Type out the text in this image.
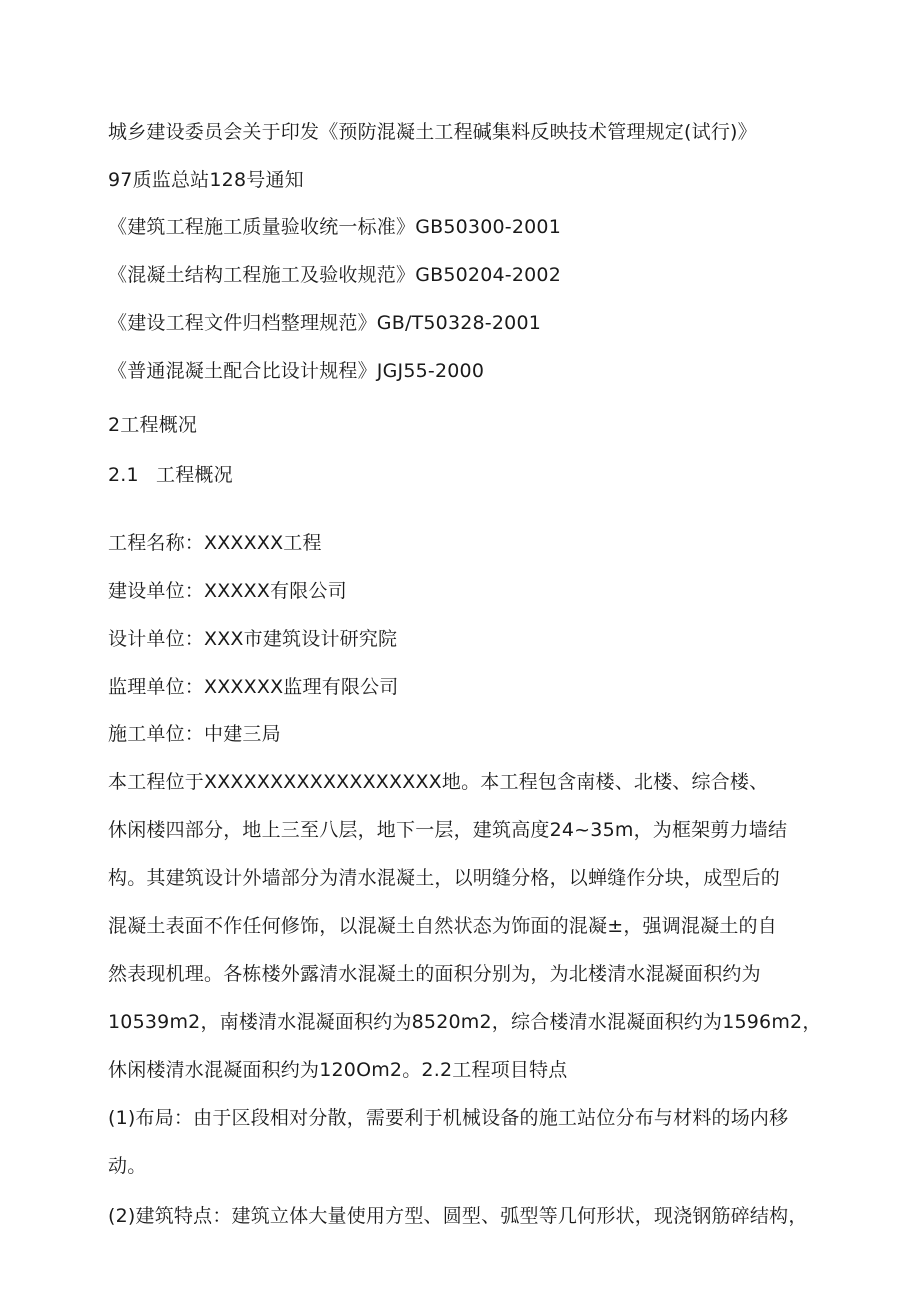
城乡建设委员会关于印发《预防混凝土工程碱集料反映技术管理规定(试行)》
97质监总站128号通知
《建筑工程施工质量验收统一标准》GB50300-2001
《混凝土结构工程施工及验收规范》GB50204-2002
《建设工程文件归档整理规范》GB/T50328-2001
《普通混凝土配合比设计规程》JGJ55-2000
2工程概况
2.1 工程概况
工程名称：XXXXXX工程
建设单位：XXXXX有限公司
设计单位：XXX市建筑设计研究院
监理单位：XXXXXX监理有限公司
施工单位：中建三局
本工程位于XXXXXXXXXXXXXXXXXX地。本工程包含南楼、北楼、综合楼、
休闲楼四部分，地上三至八层，地下一层，建筑高度24~35m，为框架剪力墙结
构。其建筑设计外墙部分为清水混凝土，以明缝分格，以蝉缝作分块，成型后的
混凝土表面不作任何修饰，以混凝土自然状态为饰面的混凝±，强调混凝土的自
然表现机理。各栋楼外露清水混凝土的面积分别为，为北楼清水混凝面积约为
10539m2，南楼清水混凝面积约为8520m2，综合楼清水混凝面积约为1596m2，
休闲楼清水混凝面积约为120Om2。2.2工程项目特点
(1)布局：由于区段相对分散，需要利于机械设备的施工站位分布与材料的场内移
动。
(2)建筑特点：建筑立体大量使用方型、圆型、弧型等几何形状，现浇钢筋碎结构，
